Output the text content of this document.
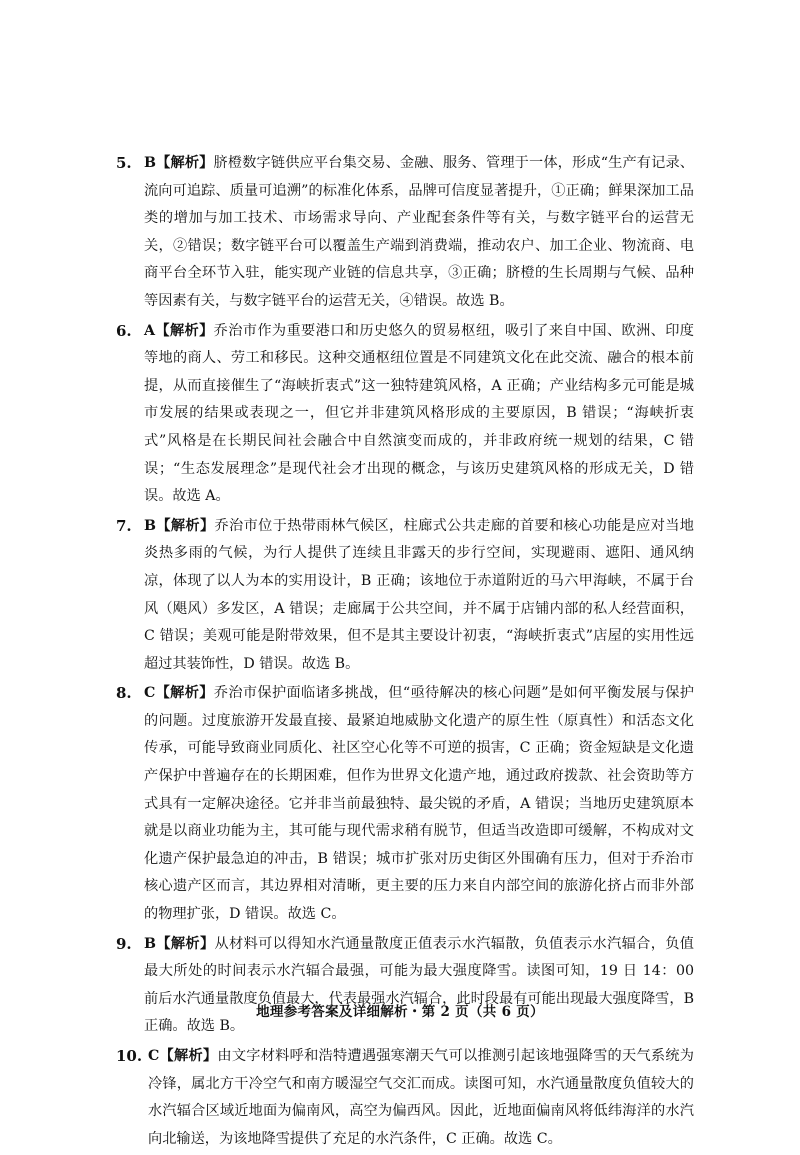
5. B【解析】脐橙数字链供应平台集交易、金融、服务、管理于一体，形成“生产有记录、流向可追踪、质量可追溯”的标准化体系，品牌可信度显著提升，①正确；鲜果深加工品类的增加与加工技术、市场需求导向、产业配套条件等有关，与数字链平台的运营无关，②错误；数字链平台可以覆盖生产端到消费端，推动农户、加工企业、物流商、电商平台全环节入驻，能实现产业链的信息共享，③正确；脐橙的生长周期与气候、品种等因素有关，与数字链平台的运营无关，④错误。故选 B。
6. A【解析】乔治市作为重要港口和历史悠久的贸易枢纽，吸引了来自中国、欧洲、印度等地的商人、劳工和移民。这种交通枢纽位置是不同建筑文化在此交流、融合的根本前提，从而直接催生了“海峡折衷式”这一独特建筑风格，A 正确；产业结构多元可能是城市发展的结果或表现之一，但它并非建筑风格形成的主要原因，B 错误；“海峡折衷式”风格是在长期民间社会融合中自然演变而成的，并非政府统一规划的结果，C 错误；“生态发展理念”是现代社会才出现的概念，与该历史建筑风格的形成无关，D 错误。故选 A。
7. B【解析】乔治市位于热带雨林气候区，柱廊式公共走廊的首要和核心功能是应对当地炎热多雨的气候，为行人提供了连续且非露天的步行空间，实现避雨、遮阳、通风纳凉，体现了以人为本的实用设计，B 正确；该地位于赤道附近的马六甲海峡，不属于台风（飓风）多发区，A 错误；走廊属于公共空间，并不属于店铺内部的私人经营面积，C 错误；美观可能是附带效果，但不是其主要设计初衷，“海峡折衷式”店屋的实用性远超过其装饰性，D 错误。故选 B。
8. C【解析】乔治市保护面临诸多挑战，但“亟待解决的核心问题”是如何平衡发展与保护的问题。过度旅游开发最直接、最紧迫地威胁文化遗产的原生性（原真性）和活态文化传承，可能导致商业同质化、社区空心化等不可逆的损害，C 正确；资金短缺是文化遗产保护中普遍存在的长期困难，但作为世界文化遗产地，通过政府拨款、社会资助等方式具有一定解决途径。它并非当前最独特、最尖锐的矛盾，A 错误；当地历史建筑原本就是以商业功能为主，其可能与现代需求稍有脱节，但适当改造即可缓解，不构成对文化遗产保护最急迫的冲击，B 错误；城市扩张对历史街区外围确有压力，但对于乔治市核心遗产区而言，其边界相对清晰，更主要的压力来自内部空间的旅游化挤占而非外部的物理扩张，D 错误。故选 C。
9. B【解析】从材料可以得知水汽通量散度正值表示水汽辐散，负值表示水汽辐合，负值最大所处的时间表示水汽辐合最强，可能为最大强度降雪。读图可知，19 日 14：00 前后水汽通量散度负值最大，代表最强水汽辐合，此时段最有可能出现最大强度降雪，B 正确。故选 B。
10. C【解析】由文字材料呼和浩特遭遇强寒潮天气可以推测引起该地强降雪的天气系统为冷锋，属北方干冷空气和南方暖湿空气交汇而成。读图可知，水汽通量散度负值较大的水汽辐合区域近地面为偏南风，高空为偏西风。因此，近地面偏南风将低纬海洋的水汽向北输送，为该地降雪提供了充足的水汽条件，C 正确。故选 C。
地理参考答案及详细解析・第 2 页（共 6 页）
